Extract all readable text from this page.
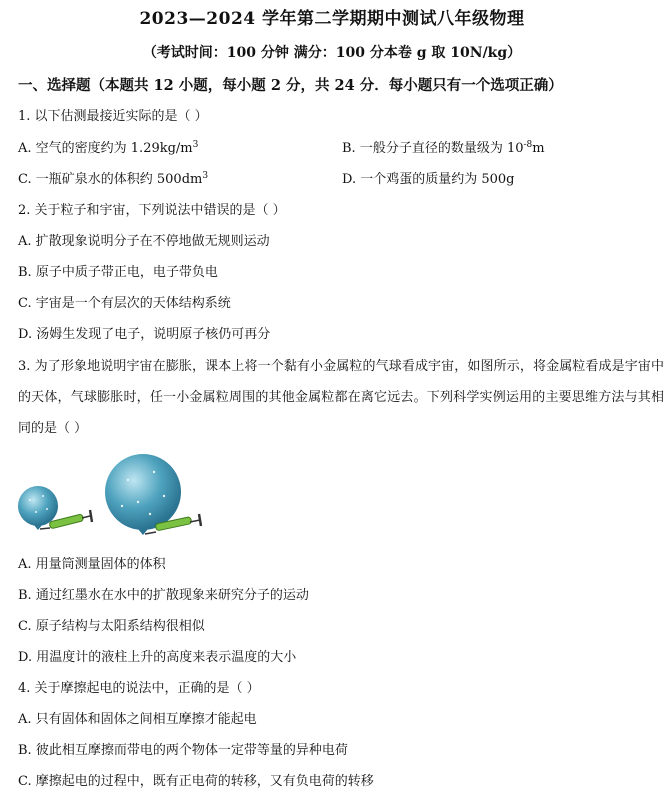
2023—2024 学年第二学期期中测试八年级物理
（考试时间：100 分钟 满分：100 分本卷 g 取 10N/kg）
一、选择题（本题共 12 小题，每小题 2 分，共 24 分．每小题只有一个选项正确）
1. 以下估测最接近实际的是（ ）
A. 空气的密度约为 $1.29kg/m^3$	B. 一般分子直径的数量级为 $10^{-8}m$
C. 一瓶矿泉水的体积约 $500dm^3$	D. 一个鸡蛋的质量约为 500g
2. 关于粒子和宇宙，下列说法中错误的是（ ）
A. 扩散现象说明分子在不停地做无规则运动
B. 原子中质子带正电，电子带负电
C. 宇宙是一个有层次的天体结构系统
D. 汤姆生发现了电子，说明原子核仍可再分
3. 为了形象地说明宇宙在膨胀，课本上将一个黏有小金属粒的气球看成宇宙，如图所示，将金属粒看成是宇宙中的天体，气球膨胀时，任一小金属粒周围的其他金属粒都在离它远去。下列科学实例运用的主要思维方法与其相同的是（ ）
A. 用量筒测量固体的体积
B. 通过红墨水在水中的扩散现象来研究分子的运动
C. 原子结构与太阳系结构很相似
D. 用温度计的液柱上升的高度来表示温度的大小
4. 关于摩擦起电的说法中，正确的是（ ）
A. 只有固体和固体之间相互摩擦才能起电
B. 彼此相互摩擦而带电的两个物体一定带等量的异种电荷
C. 摩擦起电的过程中，既有正电荷的转移，又有负电荷的转移
